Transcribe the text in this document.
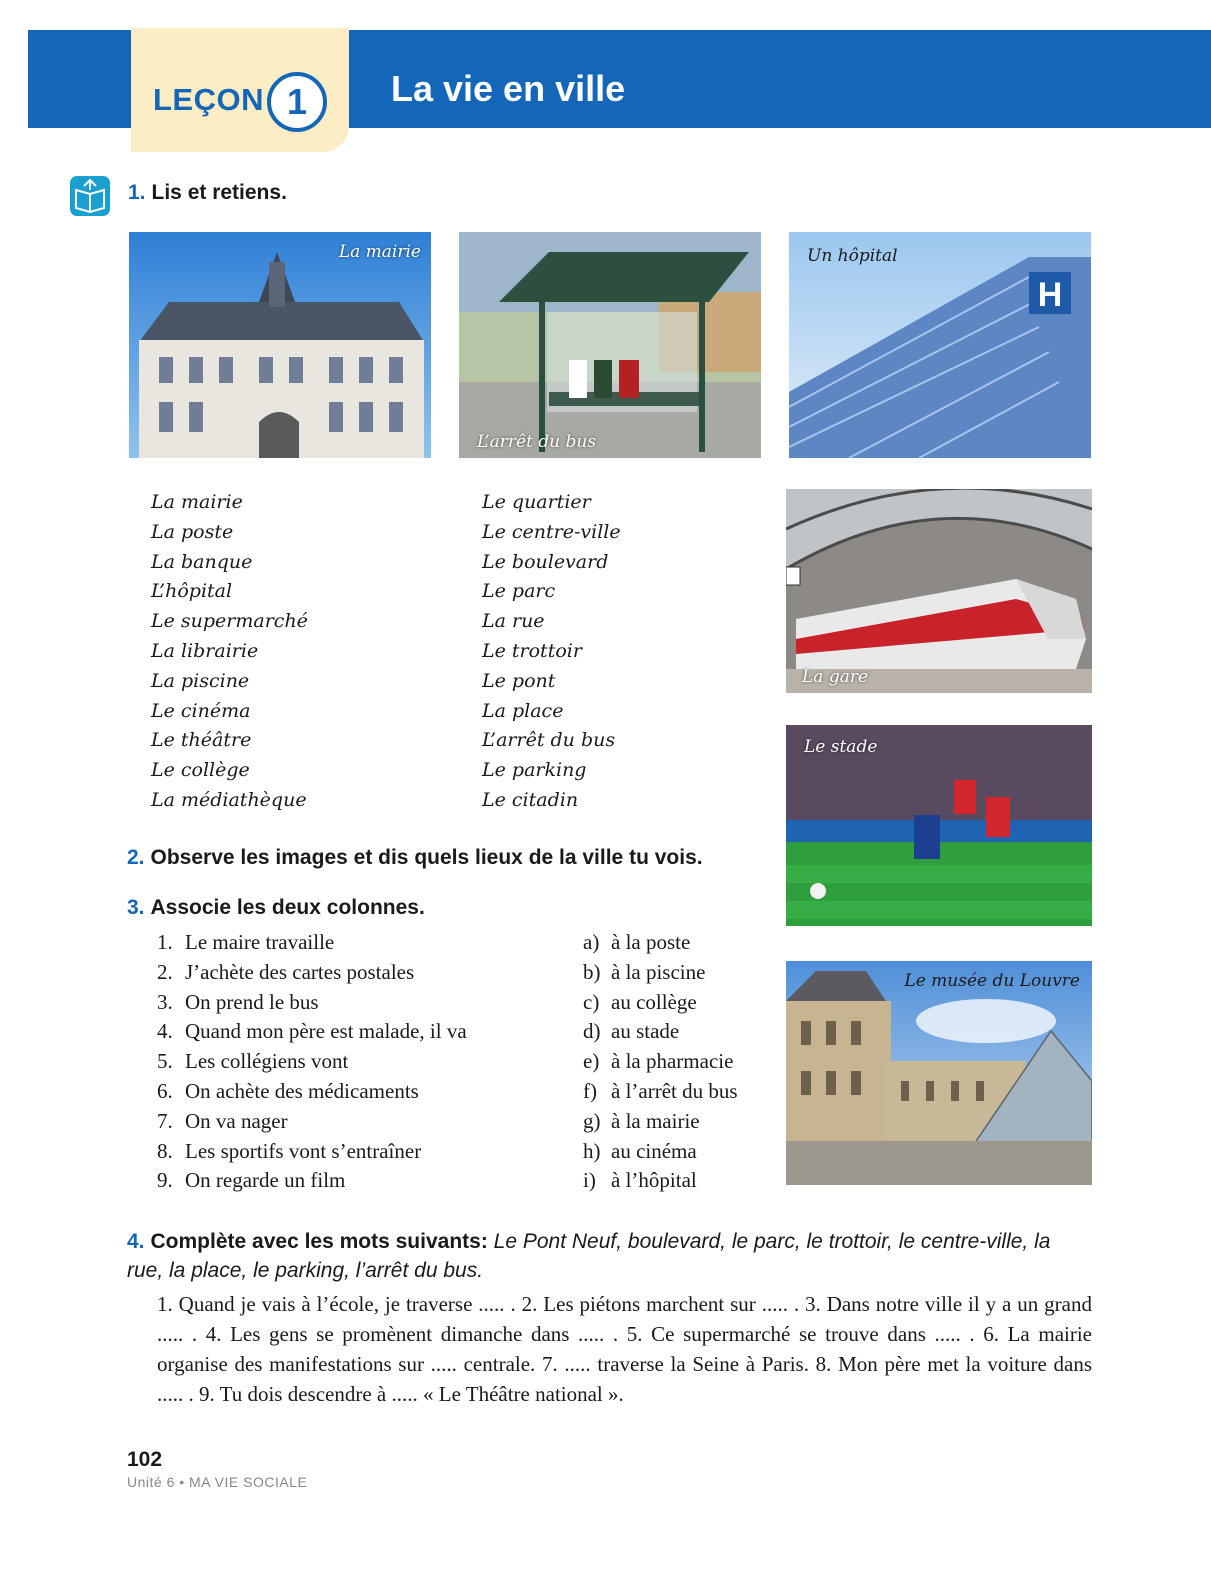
LEÇON 1	La vie en ville
1. Lis et retiens.
La mairie
L’arrêt du bus
H
Un hôpital
La mairie
La poste
La banque
L’hôpital
Le supermarché
La librairie
La piscine
Le cinéma
Le théâtre
Le collège
La médiathèque
Le quartier
Le centre-ville
Le boulevard
Le parc
La rue
Le trottoir
Le pont
La place
L’arrêt du bus
Le parking
Le citadin
La gare
2. Observe les images et dis quels lieux de la ville tu vois.
Le stade
3. Associe les deux colonnes.
1. Le maire travaille
2. J’achète des cartes postales
3. On prend le bus
4. Quand mon père est malade, il va
5. Les collégiens vont
6. On achète des médicaments
7. On va nager
8. Les sportifs vont s’entraîner
9. On regarde un film
a) à la poste
b) à la piscine
c) au collège
d) au stade
e) à la pharmacie
f) à l’arrêt du bus
g) à la mairie
h) au cinéma
i) à l’hôpital
Le musée du Louvre
4. Complète avec les mots suivants: Le Pont Neuf, boulevard, le parc, le trottoir, le centre-ville, la rue, la place, le parking, l’arrêt du bus.
1. Quand je vais à l’école, je traverse ..... . 2. Les piétons marchent sur ..... . 3. Dans notre ville il y a un grand ..... . 4. Les gens se promènent dimanche dans ..... . 5. Ce supermarché se trouve dans ..... . 6. La mairie organise des manifestations sur ..... centrale. 7. ..... traverse la Seine à Paris. 8. Mon père met la voiture dans ..... . 9. Tu dois descendre à ..... « Le Théâtre national ».
102
Unité 6 • MA VIE SOCIALE
